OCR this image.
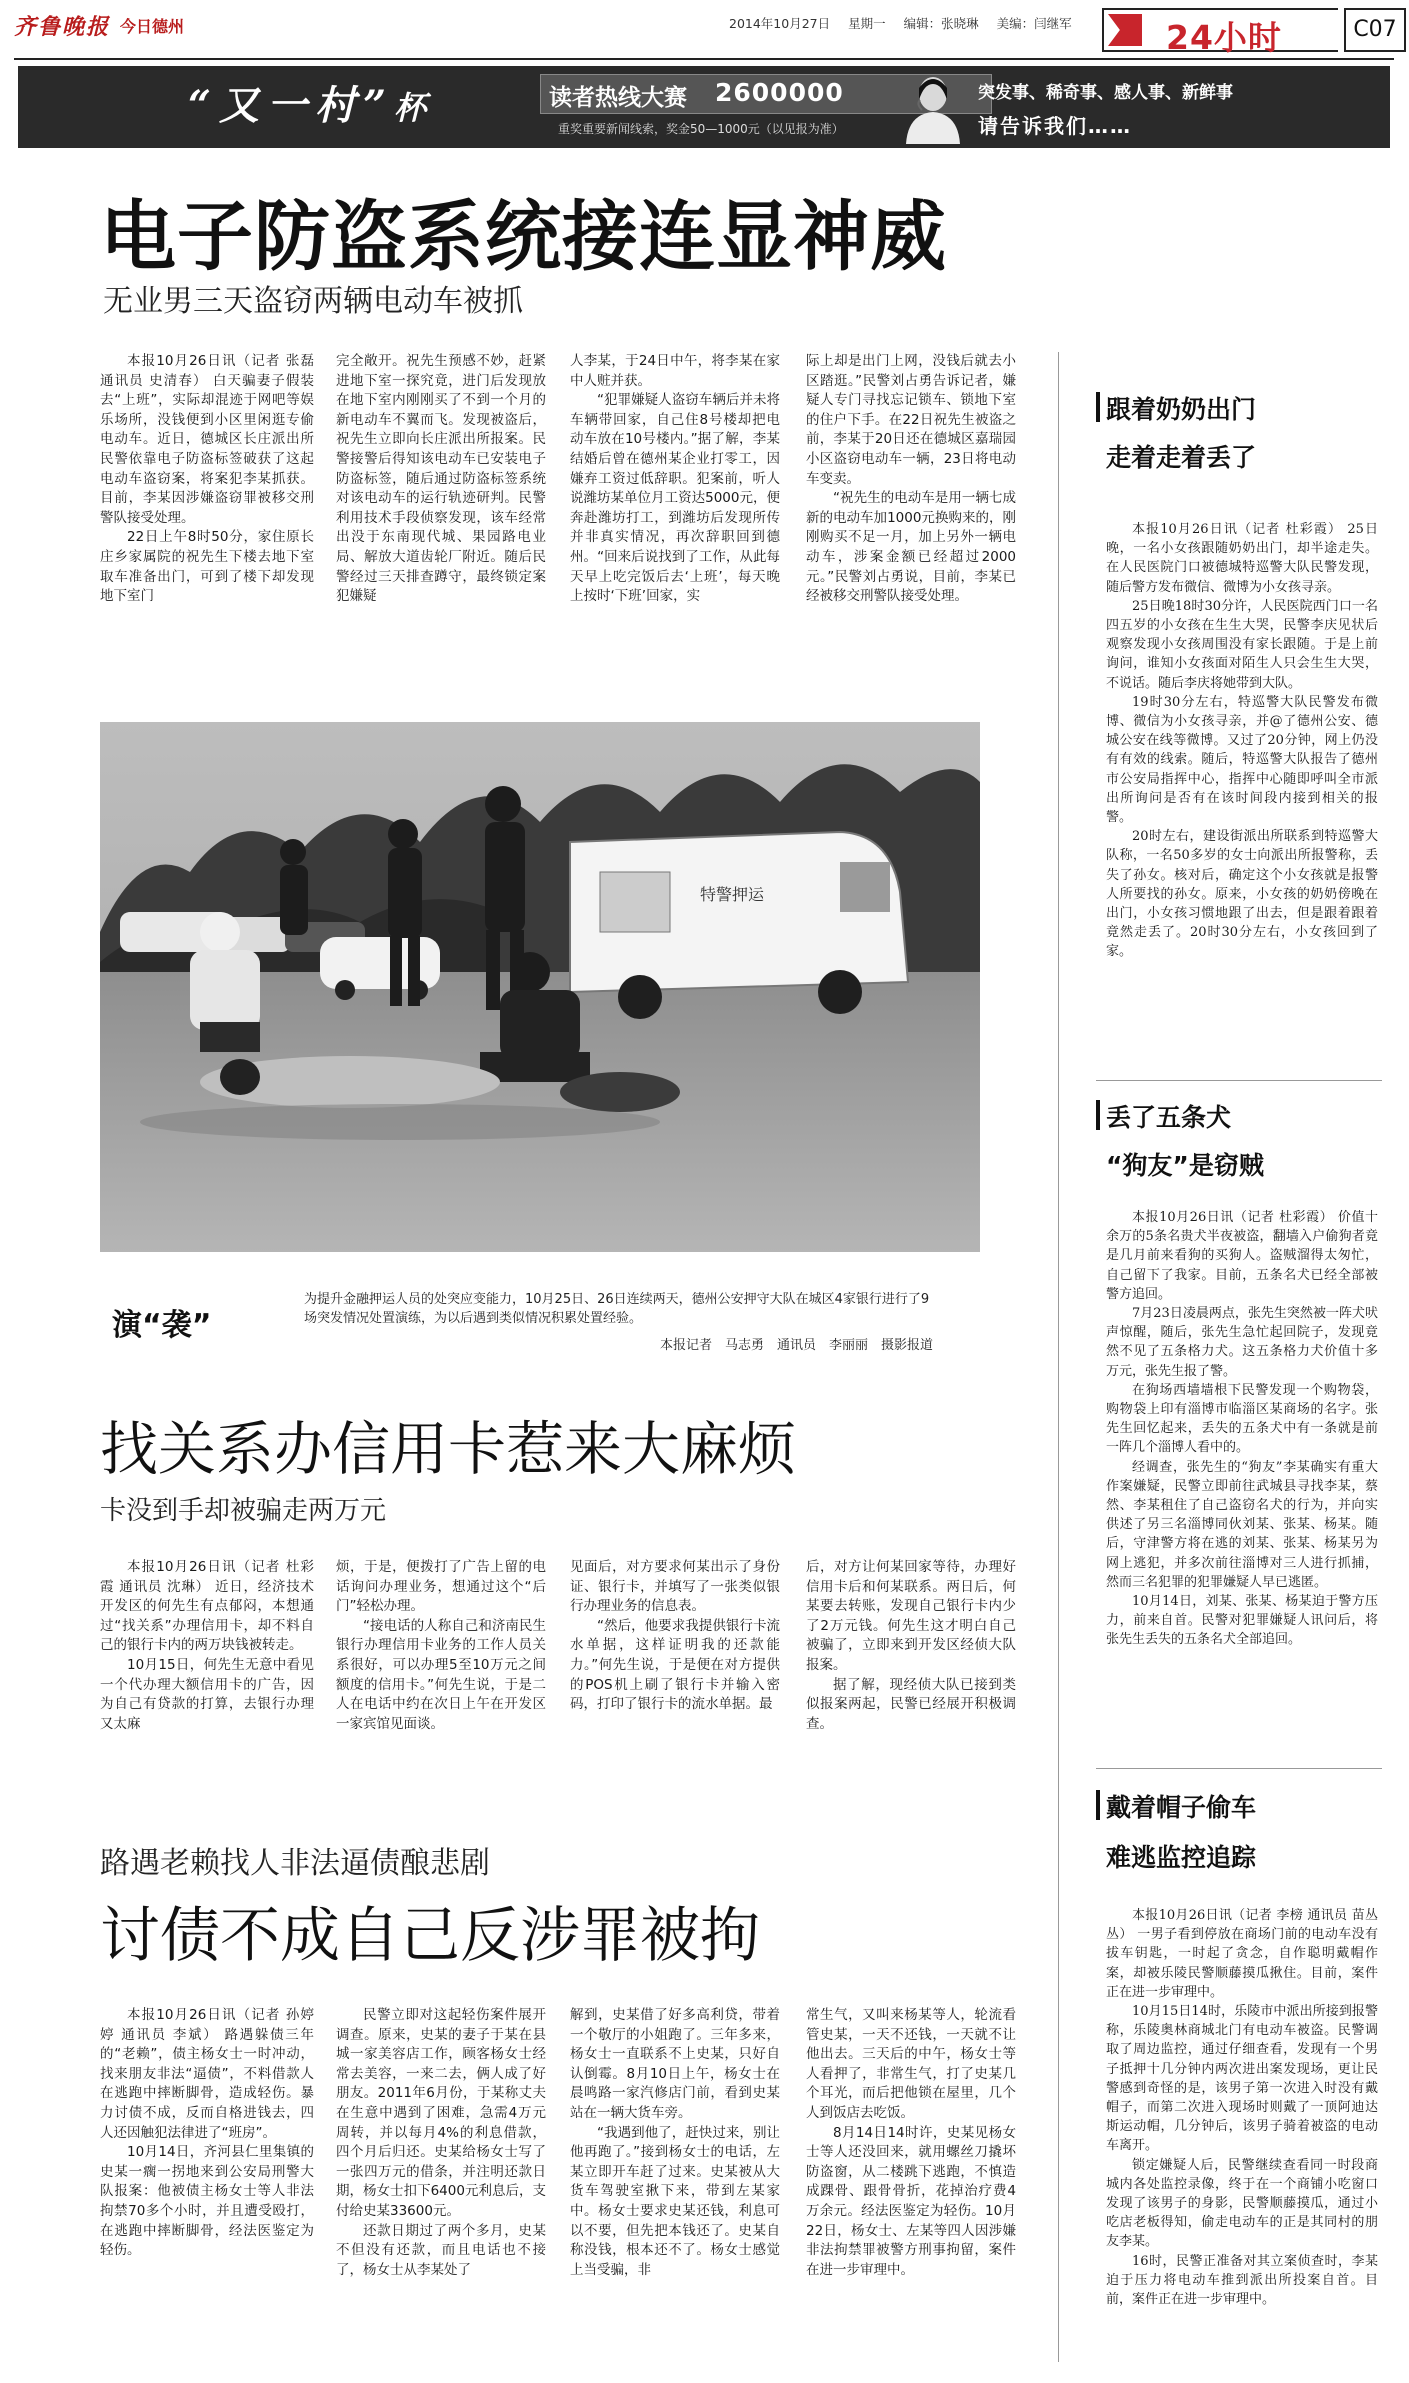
齐鲁晚报 今日德州	2014年10月27日 星期一 编辑：张晓琳 美编：闫继军	24小时	C07
“又一村”杯	读者热线大赛 2600000
重奖重要新闻线索，奖金50—1000元（以见报为准）
突发事、稀奇事、感人事、新鲜事
请告诉我们……
电子防盗系统接连显神威
无业男三天盗窃两辆电动车被抓

本报10月26日讯（记者 张磊 通讯员 史清春） 白天骗妻子假装去“上班”，实际却混迹于网吧等娱乐场所，没钱便到小区里闲逛专偷电动车。近日，德城区长庄派出所民警依靠电子防盗标签破获了这起电动车盗窃案，将案犯李某抓获。目前，李某因涉嫌盗窃罪被移交刑警队接受处理。

22日上午8时50分，家住原长庄乡家属院的祝先生下楼去地下室取车准备出门，可到了楼下却发现地下室门

完全敞开。祝先生预感不妙，赶紧进地下室一探究竟，进门后发现放在地下室内刚刚买了不到一个月的新电动车不翼而飞。发现被盗后，祝先生立即向长庄派出所报案。民警接警后得知该电动车已安装电子防盗标签，随后通过防盗标签系统对该电动车的运行轨迹研判。民警利用技术手段侦察发现，该车经常出没于东南现代城、果园路电业局、解放大道齿轮厂附近。随后民警经过三天排查蹲守，最终锁定案犯嫌疑

人李某，于24日中午，将李某在家中人赃并获。

“犯罪嫌疑人盗窃车辆后并未将车辆带回家，自己住8号楼却把电动车放在10号楼内。”据了解，李某结婚后曾在德州某企业打零工，因嫌弃工资过低辞职。犯案前，听人说潍坊某单位月工资达5000元，便奔赴潍坊打工，到潍坊后发现所传并非真实情况，再次辞职回到德州。“回来后说找到了工作，从此每天早上吃完饭后去‘上班’，每天晚上按时‘下班’回家，实

际上却是出门上网，没钱后就去小区踏逛。”民警刘占勇告诉记者，嫌疑人专门寻找忘记锁车、锁地下室的住户下手。在22日祝先生被盗之前，李某于20日还在德城区嘉瑞园小区盗窃电动车一辆，23日将电动车变卖。

“祝先生的电动车是用一辆七成新的电动车加1000元换购来的，刚刚购买不足一月，加上另外一辆电动车，涉案金额已经超过2000元。”民警刘占勇说，目前，李某已经被移交刑警队接受处理。

特警押运
演“袭”
为提升金融押运人员的处突应变能力，10月25日、26日连续两天，德州公安押守大队在城区4家银行进行了9场突发情况处置演练，为以后遇到类似情况积累处置经验。
本报记者　马志勇　通讯员　李丽丽　摄影报道
找关系办信用卡惹来大麻烦
卡没到手却被骗走两万元

本报10月26日讯（记者 杜彩霞 通讯员 沈琳） 近日，经济技术开发区的何先生有点郁闷，本想通过“找关系”办理信用卡，却不料自己的银行卡内的两万块钱被转走。

10月15日，何先生无意中看见一个代办理大额信用卡的广告，因为自己有贷款的打算，去银行办理又太麻

烦，于是，便拨打了广告上留的电话询问办理业务，想通过这个“后门”轻松办理。

“接电话的人称自己和济南民生银行办理信用卡业务的工作人员关系很好，可以办理5至10万元之间额度的信用卡。”何先生说，于是二人在电话中约在次日上午在开发区一家宾馆见面谈。

见面后，对方要求何某出示了身份证、银行卡，并填写了一张类似银行办理业务的信息表。

“然后，他要求我提供银行卡流水单据，这样证明我的还款能力。”何先生说，于是便在对方提供的POS机上刷了银行卡并输入密码，打印了银行卡的流水单据。最

后，对方让何某回家等待，办理好信用卡后和何某联系。两日后，何某要去转账，发现自己银行卡内少了2万元钱。何先生这才明白自己被骗了，立即来到开发区经侦大队报案。

据了解，现经侦大队已接到类似报案两起，民警已经展开积极调查。

路遇老赖找人非法逼债酿悲剧
讨债不成自己反涉罪被拘

本报10月26日讯（记者 孙婷婷 通讯员 李斌） 路遇躲债三年的“老赖”，债主杨女士一时冲动，找来朋友非法“逼债”，不料借款人在逃跑中摔断脚骨，造成轻伤。暴力讨债不成，反而自格进钱去，四人还因触犯法律进了“班房”。

10月14日，齐河县仁里集镇的史某一瘸一拐地来到公安局刑警大队报案：他被债主杨女士等人非法拘禁70多个小时，并且遭受殴打，在逃跑中摔断脚骨，经法医鉴定为轻伤。

民警立即对这起轻伤案件展开调查。原来，史某的妻子于某在县城一家美容店工作，顾客杨女士经常去美容，一来二去，俩人成了好朋友。2011年6月份，于某称丈夫在生意中遇到了困难，急需4万元周转，并以每月4%的利息借款，四个月后归还。史某给杨女士写了一张四万元的借条，并注明还款日期，杨女士扣下6400元利息后，支付给史某33600元。

还款日期过了两个多月，史某不但没有还款，而且电话也不接了，杨女士从李某处了

解到，史某借了好多高利贷，带着一个敬厅的小姐跑了。三年多来，杨女士一直联系不上史某，只好自认倒霉。8月10日上午，杨女士在晨鸣路一家汽修店门前，看到史某站在一辆大货车旁。

“我遇到他了，赶快过来，别让他再跑了。”接到杨女士的电话，左某立即开车赶了过来。史某被从大货车驾驶室揪下来，带到左某家中。杨女士要求史某还钱，利息可以不要，但先把本钱还了。史某自称没钱，根本还不了。杨女士感觉上当受骗，非

常生气，又叫来杨某等人，轮流看管史某，一天不还钱，一天就不让他出去。三天后的中午，杨女士等人看押了，非常生气，打了史某几个耳光，而后把他锁在屋里，几个人到饭店去吃饭。

8月14日14时许，史某见杨女士等人还没回来，就用螺丝刀撬坏防盗窗，从二楼跳下逃跑，不慎造成踝骨、跟骨骨折，花掉治疗费4万余元。经法医鉴定为轻伤。10月22日，杨女士、左某等四人因涉嫌非法拘禁罪被警方刑事拘留，案件在进一步审理中。

跟着奶奶出门
走着走着丢了

本报10月26日讯（记者 杜彩霞） 25日晚，一名小女孩跟随奶奶出门，却半途走失。在人民医院门口被德城特巡警大队民警发现，随后警方发布微信、微博为小女孩寻亲。

25日晚18时30分许，人民医院西门口一名四五岁的小女孩在生生大哭，民警李庆见状后观察发现小女孩周围没有家长跟随。于是上前询问，谁知小女孩面对陌生人只会生生大哭，不说话。随后李庆将她带到大队。

19时30分左右，特巡警大队民警发布微博、微信为小女孩寻亲，并@了德州公安、德城公安在线等微博。又过了20分钟，网上仍没有有效的线索。随后，特巡警大队报告了德州市公安局指挥中心，指挥中心随即呼叫全市派出所询问是否有在该时间段内接到相关的报警。

20时左右，建设街派出所联系到特巡警大队称，一名50多岁的女士向派出所报警称，丢失了孙女。核对后，确定这个小女孩就是报警人所要找的孙女。原来，小女孩的奶奶傍晚在出门，小女孩习惯地跟了出去，但是跟着跟着竟然走丢了。20时30分左右，小女孩回到了家。

丢了五条犬
“狗友”是窃贼

本报10月26日讯（记者 杜彩霞） 价值十余万的5条名贵犬半夜被盗，翻墙入户偷狗者竟是几月前来看狗的买狗人。盗贼溜得太匆忙，自己留下了我家。目前，五条名犬已经全部被警方追回。

7月23日凌晨两点，张先生突然被一阵犬吠声惊醒，随后，张先生急忙起回院子，发现竟然不见了五条格力犬。这五条格力犬价值十多万元，张先生报了警。

在狗场西墙墙根下民警发现一个购物袋，购物袋上印有淄博市临淄区某商场的名字。张先生回忆起来，丢失的五条犬中有一条就是前一阵几个淄博人看中的。

经调查，张先生的“狗友”李某确实有重大作案嫌疑，民警立即前往武城县寻找李某，蔡然、李某租住了自己盗窃名犬的行为，并向实供述了另三名淄博同伙刘某、张某、杨某。随后，守津警方将在逃的刘某、张某、杨某另为网上逃犯，并多次前往淄博对三人进行抓捕，然而三名犯罪的犯罪嫌疑人早已逃匿。

10月14日，刘某、张某、杨某迫于警方压力，前来自首。民警对犯罪嫌疑人讯问后，将张先生丢失的五条名犬全部追回。

戴着帽子偷车
难逃监控追踪

本报10月26日讯（记者 李榜 通讯员 苗丛丛） 一男子看到停放在商场门前的电动车没有拔车钥匙，一时起了贪念，自作聪明戴帽作案，却被乐陵民警顺藤摸瓜揪住。目前，案件正在进一步审理中。

10月15日14时，乐陵市中派出所接到报警称，乐陵奥林商城北门有电动车被盗。民警调取了周边监控，通过仔细查看，发现有一个男子抵押十几分钟内两次进出案发现场，更让民警感到奇怪的是，该男子第一次进入时没有戴帽子，而第二次进入现场时则戴了一顶阿迪达斯运动帽，几分钟后，该男子骑着被盗的电动车离开。

锁定嫌疑人后，民警继续查看同一时段商城内各处监控录像，终于在一个商铺小吃窗口发现了该男子的身影，民警顺藤摸瓜，通过小吃店老板得知，偷走电动车的正是其同村的朋友李某。

16时，民警正准备对其立案侦查时，李某迫于压力将电动车推到派出所投案自首。目前，案件正在进一步审理中。
